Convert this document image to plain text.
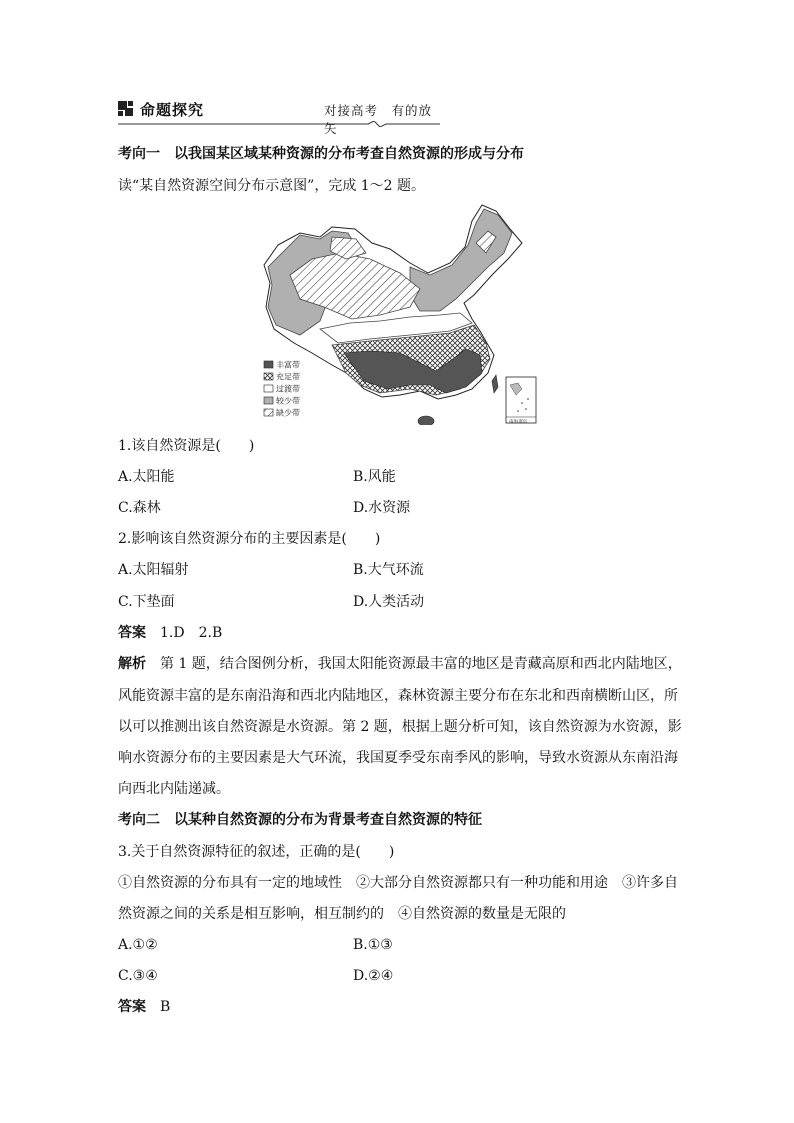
命题探究	对接高考　有的放矢
考向一　以我国某区域某种资源的分布考查自然资源的形成与分布
读“某自然资源空间分布示意图”，完成 1～2 题。
南海诸岛
丰富带
充足带
过渡带
较少带
缺少带
1.该自然资源是(　　)
A.太阳能	B.风能
C.森林	D.水资源
2.影响该自然资源分布的主要因素是(　　)
A.太阳辐射	B.大气环流
C.下垫面	D.人类活动
答案 1.D　2.B
解析 第 1 题，结合图例分析，我国太阳能资源最丰富的地区是青藏高原和西北内陆地区，
风能资源丰富的是东南沿海和西北内陆地区，森林资源主要分布在东北和西南横断山区，所
以可以推测出该自然资源是水资源。第 2 题，根据上题分析可知，该自然资源为水资源，影
响水资源分布的主要因素是大气环流，我国夏季受东南季风的影响，导致水资源从东南沿海
向西北内陆递减。
考向二　以某种自然资源的分布为背景考查自然资源的特征
3.关于自然资源特征的叙述，正确的是(　　)
①自然资源的分布具有一定的地域性　②大部分自然资源都只有一种功能和用途　③许多自
然资源之间的关系是相互影响，相互制约的　④自然资源的数量是无限的
A.①②	B.①③
C.③④	D.②④
答案 B
